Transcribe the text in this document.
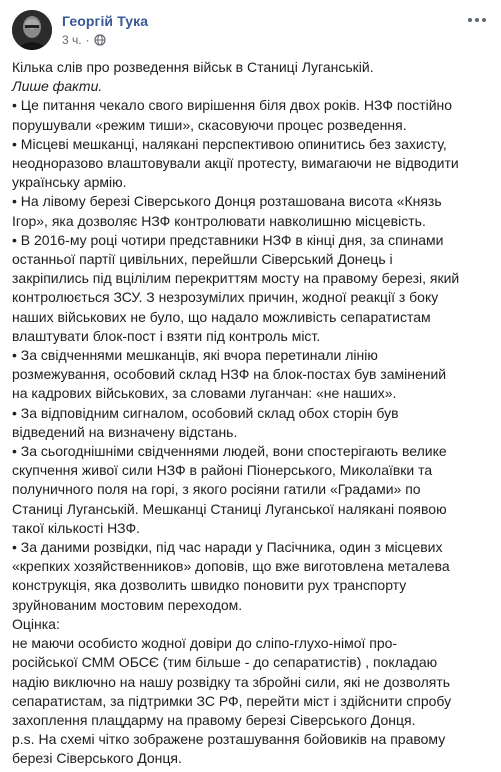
Георгій Тука
3 ч. ·

Кілька слів про розведення військ в Станиці Луганській.

Лише факти.

• Це питання чекало свого вирішення біля двох років. НЗФ постійно

порушували «режим тиши», скасовуючи процес розведення.

• Місцеві мешканці, налякані перспективою опинитись без захисту,

неодноразово влаштовували акції протесту, вимагаючи не відводити

українську армію.

• На лівому березі Сіверського Донця розташована висота «Князь

Ігор», яка дозволяє НЗФ контролювати навколишню місцевість.

• В 2016-му році чотири представники НЗФ в кінці дня, за спинами

останньої партії цивільних, перейшли Сіверський Донець і

закріпились під вцілілим перекриттям мосту на правому березі, який

контролюється ЗСУ. З незрозумілих причин, жодної реакції з боку

наших військових не було, що надало можливість сепаратистам

влаштувати блок-пост і взяти під контроль міст.

• За свідченнями мешканців, які вчора перетинали лінію

розмежування, особовий склад НЗФ на блок-постах був замінений

на кадрових військових, за словами луганчан: «не наших».

• За відповідним сигналом, особовий склад обох сторін був

відведений на визначену відстань.

• За сьогоднішніми свідченнями людей, вони спостерігають велике

скупчення живої сили НЗФ в районі Піонерського, Миколаївки та

полуничного поля на горі, з якого росіяни гатили «Градами» по

Станиці Луганській. Мешканці Станиці Луганської налякані появою

такої кількості НЗФ.

• За даними розвідки, під час наради у Пасічника, один з місцевих

«крепких хозяйственников» доповів, що вже виготовлена металева

конструкція, яка дозволить швидко поновити рух транспорту

зруйнованим мостовим переходом.

Оцінка:

не маючи особисто жодної довіри до сліпо-глухо-німої про-

російської СММ ОБСЄ (тим більше - до сепаратистів) , покладаю

надію виключно на нашу розвідку та збройні сили, які не дозволять

сепаратистам, за підтримки ЗС РФ, перейти міст і здійснити спробу

захоплення плацдарму на правому березі Сіверського Донця.

p.s. На схемі чітко зображене розташування бойовиків на правому

березі Сіверського Донця.
